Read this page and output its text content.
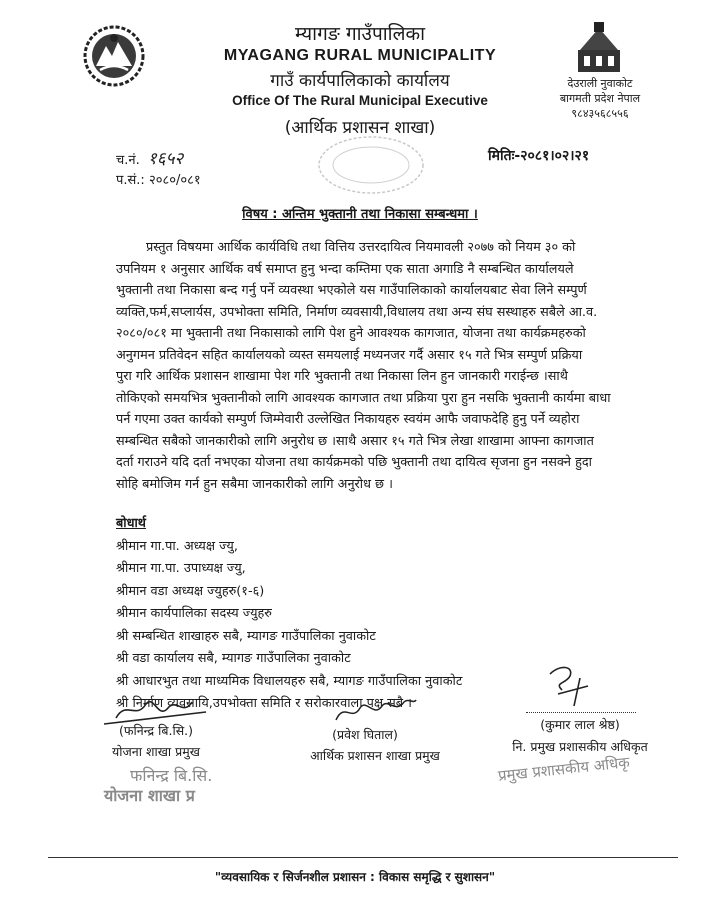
म्यागङ गाउँपालिका
MYAGANG RURAL MUNICIPALITY
गाउँ कार्यपालिकाको कार्यालय
Office Of The Rural Municipal Executive
(आर्थिक प्रशासन शाखा)
देउराली नुवाकोट
बागमती प्रदेश नेपाल
९८४३५६८५५६
च.नं. १६५२
प.सं.: २०८०/०८१
मितिः-२०८१।०२।२१
विषय : अन्तिम भुक्तानी तथा निकासा सम्बन्धमा ।

प्रस्तुत विषयमा आर्थिक कार्यविधि तथा वित्तिय उत्तरदायित्व नियमावली २०७७ को नियम ३० को

उपनियम १ अनुसार आर्थिक वर्ष समाप्त हुनु भन्दा कम्तिमा एक साता अगाडि नै सम्बन्धित कार्यालयले

भुक्तानी तथा निकासा बन्द गर्नु पर्ने व्यवस्था भएकोले यस गाउँपालिकाको कार्यालयबाट सेवा लिने सम्पुर्ण

व्यक्ति,फर्म,सप्लार्यस, उपभोक्ता समिति, निर्माण व्यवसायी,विधालय तथा अन्य संघ सस्थाहरु सबैले आ.व.

२०८०/०८१ मा भुक्तानी तथा निकासाको लागि पेश हुने आवश्यक कागजात, योजना तथा कार्यक्रमहरुको

अनुगमन प्रतिवेदन सहित कार्यालयको व्यस्त समयलाई मध्यनजर गर्दै असार १५ गते भित्र सम्पुर्ण प्रक्रिया

पुरा गरि आर्थिक प्रशासन शाखामा पेश गरि भुक्तानी तथा निकासा लिन हुन जानकारी गराईन्छ ।साथै

तोकिएको समयभित्र भुक्तानीको लागि आवश्यक कागजात तथा प्रक्रिया पुरा हुन नसकि भुक्तानी कार्यमा बाधा

पर्न गएमा उक्त कार्यको सम्पुर्ण जिम्मेवारी उल्लेखित निकायहरु स्वयंम आफै जवाफदेहि हुनु पर्ने व्यहोरा

सम्बन्धित सबैको जानकारीको लागि अनुरोध छ ।साथै असार १५ गते भित्र लेखा शाखामा आफ्ना कागजात

दर्ता गराउने यदि दर्ता नभएका योजना तथा कार्यक्रमको पछि भुक्तानी तथा दायित्व सृजना हुन नसक्ने हुदा

सोहि बमोजिम गर्न हुन सबैमा जानकारीको लागि अनुरोध छ ।

बोधार्थ
श्रीमान गा.पा. अध्यक्ष ज्यु,
श्रीमान गा.पा. उपाध्यक्ष ज्यु,
श्रीमान वडा अध्यक्ष ज्युहरु(१-६)
श्रीमान कार्यपालिका सदस्य ज्युहरु
श्री सम्बन्धित शाखाहरु सबै, म्यागङ गाउँपालिका नुवाकोट
श्री वडा कार्यालय सबै, म्यागङ गाउँपालिका नुवाकोट
श्री आधारभुत तथा माध्यमिक विधालयहरु सबै, म्यागङ गाउँपालिका नुवाकोट
श्री निर्माण व्यवसायि,उपभोक्ता समिति र सरोकारवाला पक्ष सबै ।
(फनिन्द्र बि.सि.)
योजना शाखा प्रमुख
फनिन्द्र बि.सि.
योजना शाखा प्र
(प्रवेश घिताल)
आर्थिक प्रशासन शाखा प्रमुख
(कुमार लाल श्रेष्ठ)
नि. प्रमुख प्रशासकीय अधिकृत
प्रमुख प्रशासकीय अधिकृ
"व्यवसायिक र सिर्जनशील प्रशासन : विकास समृद्धि र सुशासन"
